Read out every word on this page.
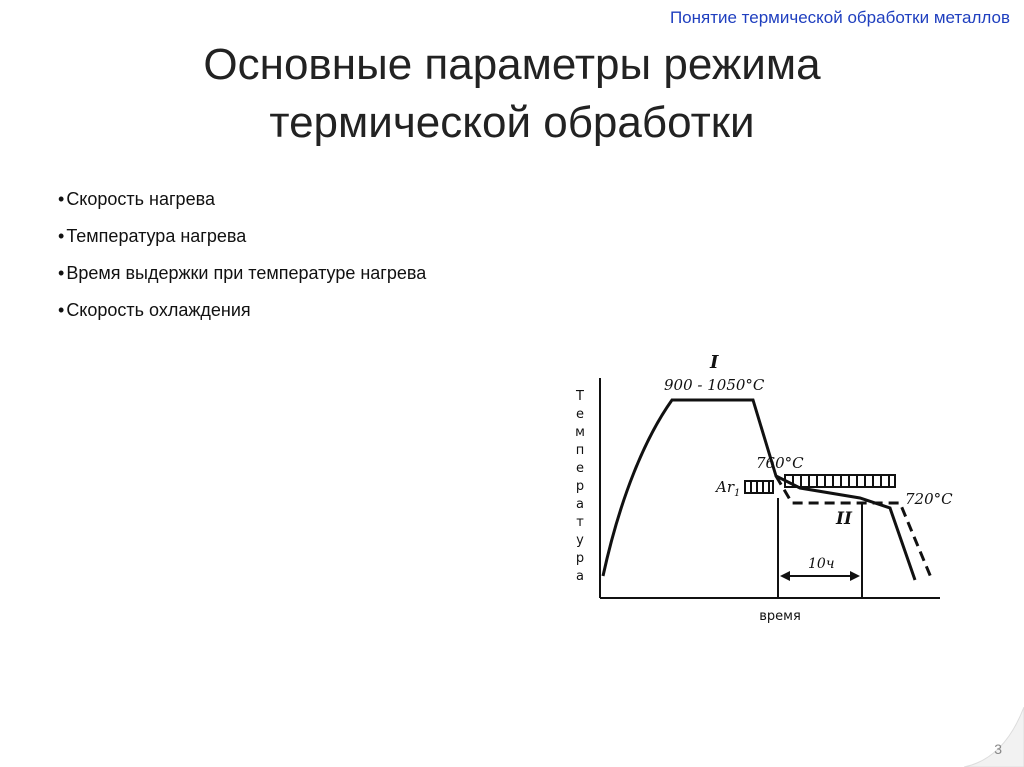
Понятие термической обработки металлов
Основные параметры режима
термической обработки
• Скорость нагрева
• Температура нагрева
• Время выдержки при температуре нагрева
• Скорость охлаждения
Т
е
м
п
е
р
а
т
у
р
а
время
I
900 - 1050°C
760°C
$Ar_1$	720°C
II
10ч
3
